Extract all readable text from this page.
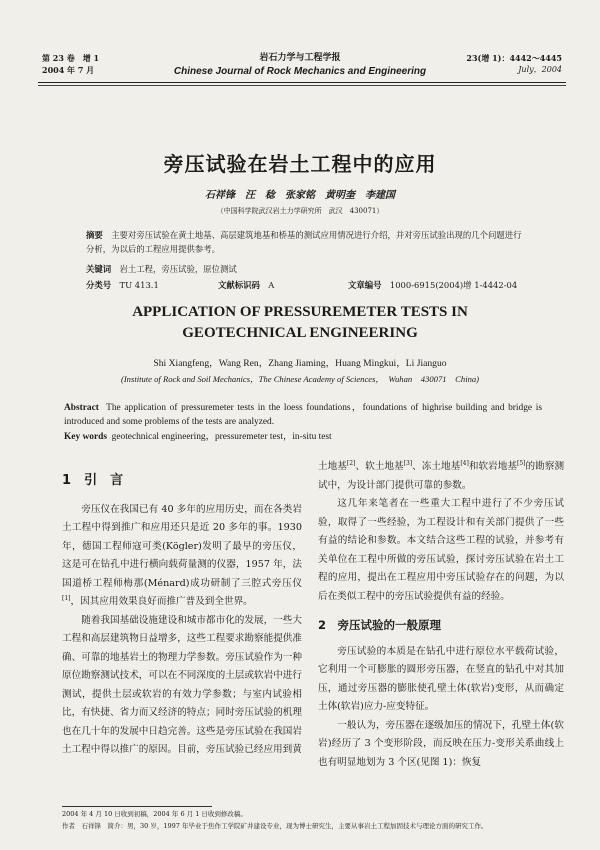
第 23 卷　增 1
2004 年 7 月
岩石力学与工程学报
Chinese Journal of Rock Mechanics and Engineering
23(增 1)：4442～4445
July，2004
旁压试验在岩土工程中的应用
石祥锋　汪　稔　张家铭　黄明奎　李建国
（中国科学院武汉岩土力学研究所　武汉　430071）
摘要　 主要对旁压试验在黄土地基、高层建筑地基和桥基的测试应用情况进行介绍，并对旁压试验出现的几个问题进行分析，为以后的工程应用提供参考。
关键词　 岩土工程，旁压试验，原位测试
分类号　 TU 413.1	文献标识码　 A	文章编号　 1000-6915(2004)增 1-4442-04
APPLICATION OF PRESSUREMETER TESTS IN
GEOTECHNICAL ENGINEERING
Shi Xiangfeng，Wang Ren，Zhang Jiaming，Huang Mingkui，Li Jianguo
(Institute of Rock and Soil Mechanics，The Chinese Academy of Sciences，　Wuhan　430071　China)
Abstract The application of pressuremeter tests in the loess foundations，foundations of highrise building and bridge is introduced and some problems of the tests are analyzed.
Key words geotechnical engineering，pressuremeter test，in-situ test
1　 引　言

旁压仪在我国已有 40 多年的应用历史，而在各类岩土工程中得到推广和应用还只是近 20 多年的事。1930 年，德国工程师寇可类(Kögler)发明了最早的旁压仪，这是可在钻孔中进行横向载荷量测的仪器，1957 年，法国道桥工程师梅那(Ménard)成功研制了三腔式旁压仪[1]，因其应用效果良好而推广普及到全世界。

随着我国基础设施建设和城市都市化的发展，一些大工程和高层建筑物日益增多，这些工程要求勘察能提供准确、可靠的地基岩土的物理力学参数。旁压试验作为一种原位勘察测试技术，可以在不同深度的土层或软岩中进行测试，提供土层或软岩的有效力学参数；与室内试验相比，有快捷、省力而又经济的特点；同时旁压试验的机理也在几十年的发展中日趋完善。这些是旁压试验在我国岩土工程中得以推广的原因。目前，旁压试验已经应用到黄

土地基[2]、软土地基[3]、冻土地基[4]和软岩地基[5]的勘察测试中，为设计部门提供可靠的参数。

这几年来笔者在一些重大工程中进行了不少旁压试验，取得了一些经验，为工程设计和有关部门提供了一些有益的结论和参数。本文结合这些工程的试验，并参考有关单位在工程中所做的旁压试验，探讨旁压试验在岩土工程的应用，提出在工程应用中旁压试验存在的问题，为以后在类似工程中的旁压试验提供有益的经验。

2　 旁压试验的一般原理

旁压试验的本质是在钻孔中进行原位水平载荷试验，它利用一个可膨胀的圆形旁压器，在竖直的钻孔中对其加压，通过旁压器的膨胀使孔壁土体(软岩)变形，从而确定土体(软岩)应力-应变特征。

一般认为，旁压器在逐级加压的情况下，孔壁土体(软岩)经历了 3 个变形阶段，而反映在压力-变形关系曲线上也有明显地划为 3 个区(见图 1)：恢复

2004 年 4 月 10 日收到初稿，2004 年 6 月 1 日收到修改稿。
作者　石祥锋　简介：男，30 岁，1997 年毕业于焦作工学院矿井建设专业，现为博士研究生，主要从事岩土工程加固技术与理论方面的研究工作。
